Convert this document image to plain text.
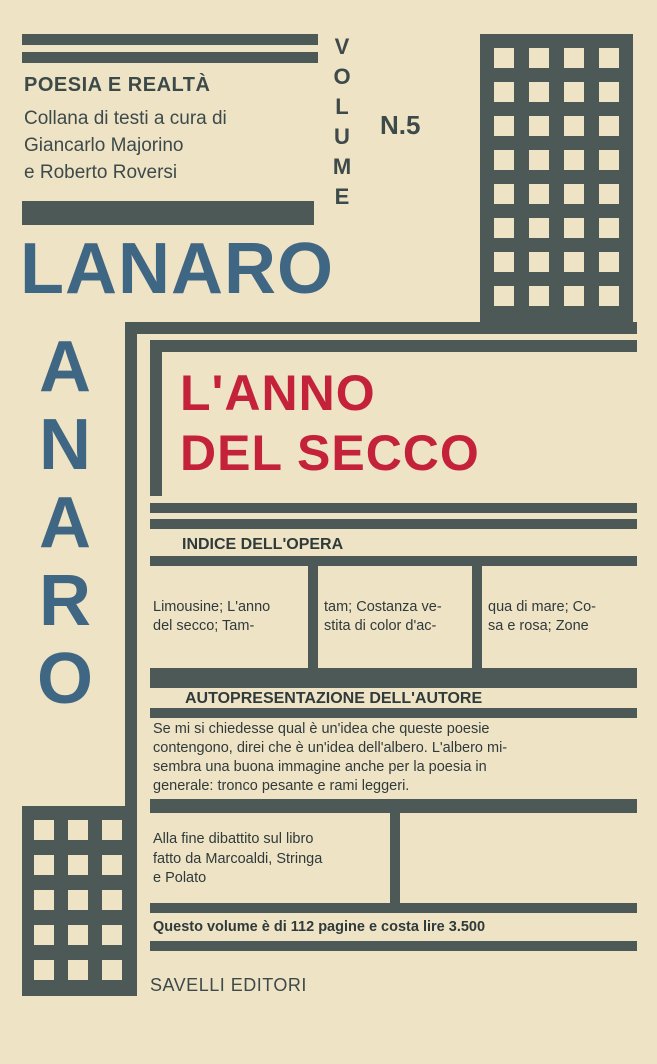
POESIA E REALTÀ
Collana di testi a cura di
Giancarlo Majorino
e Roberto Roversi
V
O
L
U
M
E
N.5
LANARO
A
N
A
R
O
L'ANNO
DEL SECCO
INDICE DELL'OPERA
Limousine; L'anno
del secco; Tam-
tam; Costanza ve-
stita di color d'ac-
qua di mare; Co-
sa e rosa; Zone
AUTOPRESENTAZIONE DELL'AUTORE
Se mi si chiedesse qual è un'idea che queste poesie
contengono, direi che è un'idea dell'albero. L'albero mi-
sembra una buona immagine anche per la poesia in
generale: tronco pesante e rami leggeri.
Alla fine dibattito sul libro
fatto da Marcoaldi, Stringa
e Polato
Questo volume è di 112 pagine e costa lire 3.500
SAVELLI EDITORI
